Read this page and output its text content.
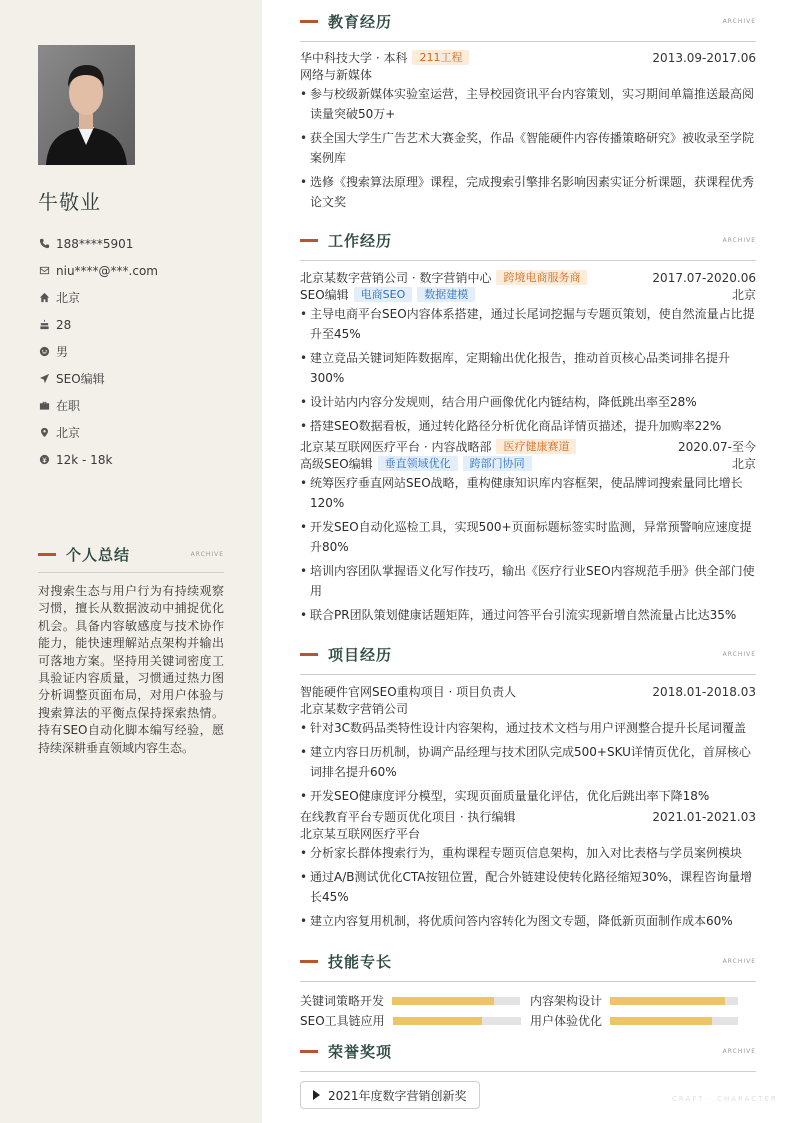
牛敬业
188****5901
niu****@***.com
北京
28
男
SEO编辑
在职
北京
12k - 18k
个人总结	ARCHIVE

对搜索生态与用户行为有持续观察习惯，擅长从数据波动中捕捉优化机会。具备内容敏感度与技术协作能力，能快速理解站点架构并输出可落地方案。坚持用关键词密度工具验证内容质量，习惯通过热力图分析调整页面布局，对用户体验与搜索算法的平衡点保持探索热情。持有SEO自动化脚本编写经验，愿持续深耕垂直领域内容生态。

教育经历	ARCHIVE
华中科技大学 · 本科	211工程	2013.09-2017.06
网络与新媒体
• 参与校级新媒体实验室运营，主导校园资讯平台内容策划，实习期间单篇推送最高阅读量突破50万+
• 获全国大学生广告艺术大赛金奖，作品《智能硬件内容传播策略研究》被收录至学院案例库
• 选修《搜索算法原理》课程，完成搜索引擎排名影响因素实证分析课题，获课程优秀论文奖
工作经历	ARCHIVE
北京某数字营销公司 · 数字营销中心	跨境电商服务商	2017.07-2020.06
SEO编辑	电商SEO	数据建模	北京
• 主导电商平台SEO内容体系搭建，通过长尾词挖掘与专题页策划，使自然流量占比提升至45%
• 建立竞品关键词矩阵数据库，定期输出优化报告，推动首页核心品类词排名提升300%
• 设计站内内容分发规则，结合用户画像优化内链结构，降低跳出率至28%
• 搭建SEO数据看板，通过转化路径分析优化商品详情页描述，提升加购率22%
北京某互联网医疗平台 · 内容战略部	医疗健康赛道	2020.07-至今
高级SEO编辑	垂直领域优化	跨部门协同	北京
• 统筹医疗垂直网站SEO战略，重构健康知识库内容框架，使品牌词搜索量同比增长120%
• 开发SEO自动化巡检工具，实现500+页面标题标签实时监测，异常预警响应速度提升80%
• 培训内容团队掌握语义化写作技巧，输出《医疗行业SEO内容规范手册》供全部门使用
• 联合PR团队策划健康话题矩阵，通过问答平台引流实现新增自然流量占比达35%
项目经历	ARCHIVE
智能硬件官网SEO重构项目 · 项目负责人	2018.01-2018.03
北京某数字营销公司
• 针对3C数码品类特性设计内容架构，通过技术文档与用户评测整合提升长尾词覆盖
• 建立内容日历机制，协调产品经理与技术团队完成500+SKU详情页优化，首屏核心词排名提升60%
• 开发SEO健康度评分模型，实现页面质量量化评估，优化后跳出率下降18%
在线教育平台专题页优化项目 · 执行编辑	2021.01-2021.03
北京某互联网医疗平台
• 分析家长群体搜索行为，重构课程专题页信息架构，加入对比表格与学员案例模块
• 通过A/B测试优化CTA按钮位置，配合外链建设使转化路径缩短30%，课程咨询量增长45%
• 建立内容复用机制，将优质问答内容转化为图文专题，降低新页面制作成本60%
技能专长	ARCHIVE
关键词策略开发	内容架构设计
SEO工具链应用	用户体验优化
荣誉奖项	ARCHIVE
2021年度数字营销创新奖	CRAFT · CHARACTER
